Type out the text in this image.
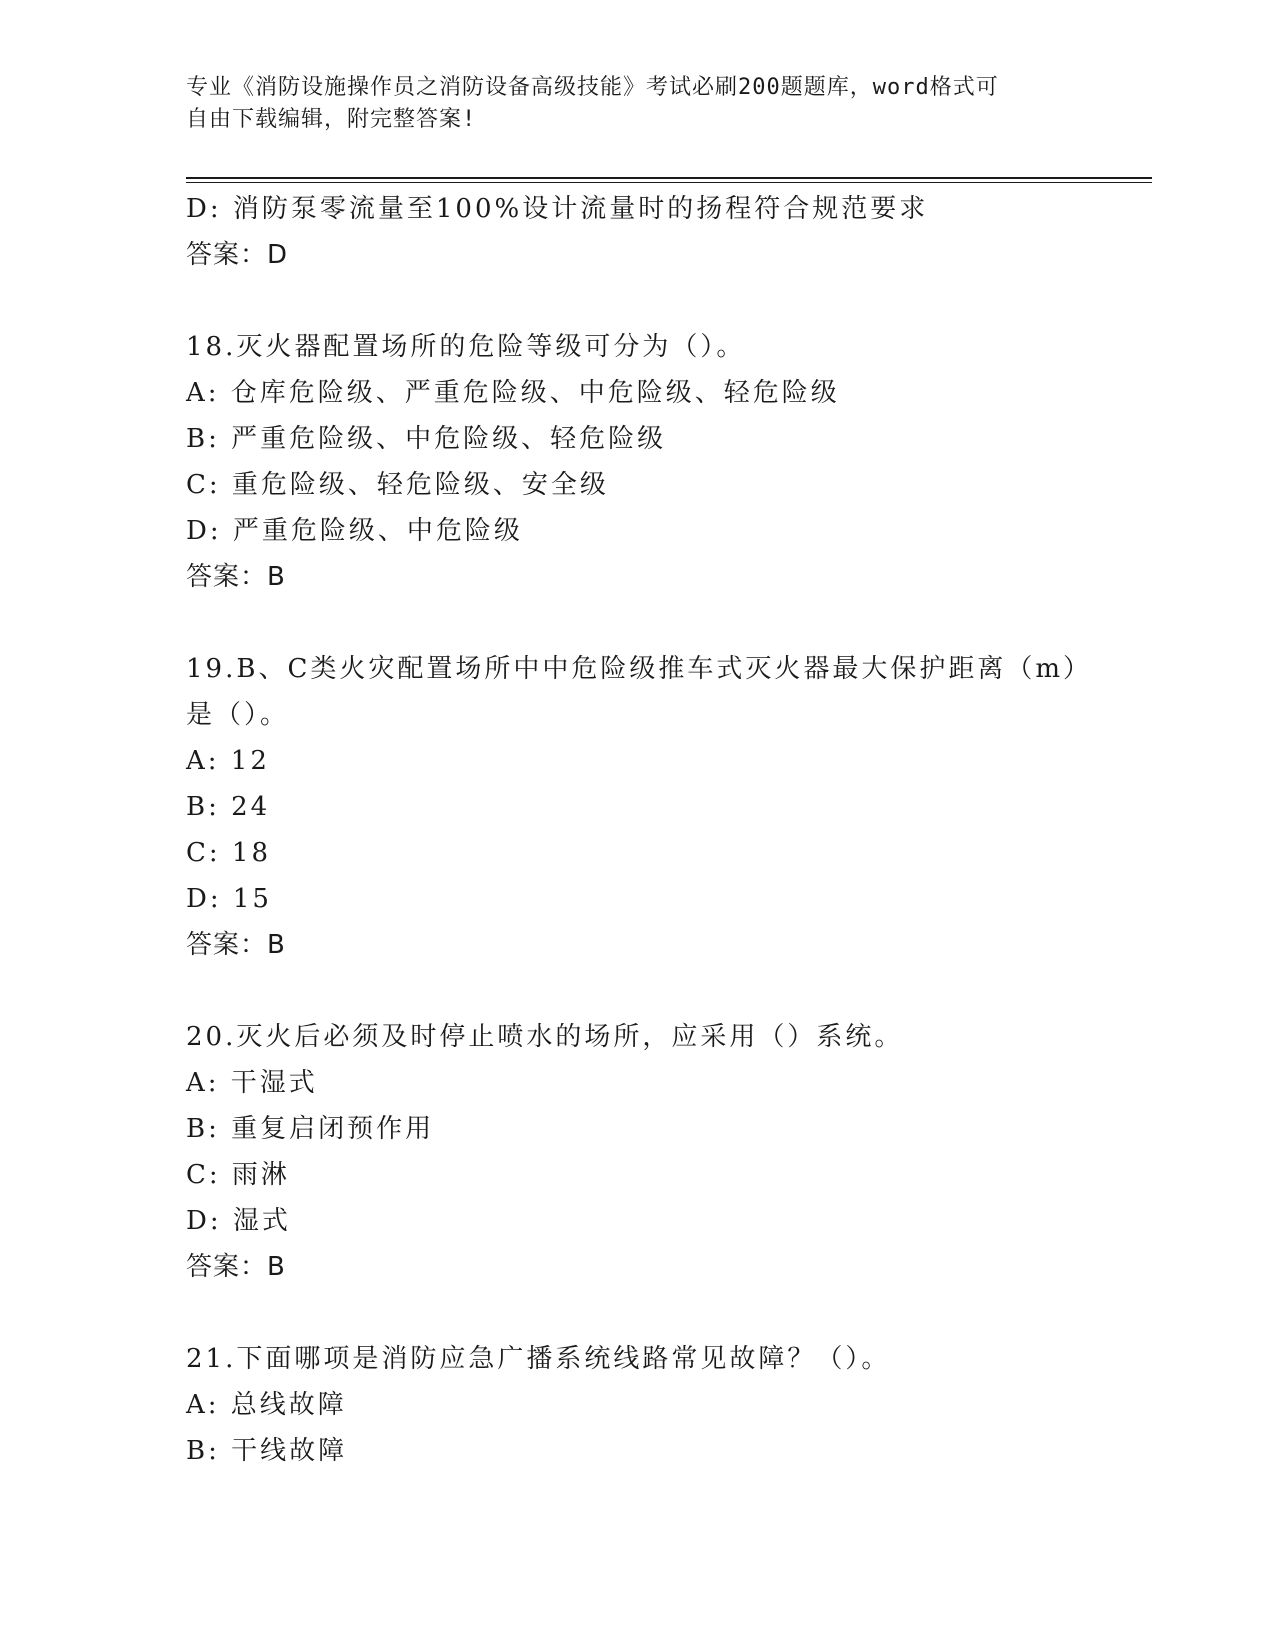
专业《消防设施操作员之消防设备高级技能》考试必刷200题题库，word格式可
自由下载编辑，附完整答案!
D: 消防泵零流量至100%设计流量时的扬程符合规范要求
答案：D
18.灭火器配置场所的危险等级可分为（）。
A: 仓库危险级、严重危险级、中危险级、轻危险级
B: 严重危险级、中危险级、轻危险级
C: 重危险级、轻危险级、安全级
D: 严重危险级、中危险级
答案：B
19.B、C类火灾配置场所中中危险级推车式灭火器最大保护距离（m）
是（）。
A: 12
B: 24
C: 18
D: 15
答案：B
20.灭火后必须及时停止喷水的场所，应采用（）系统。
A: 干湿式
B: 重复启闭预作用
C: 雨淋
D: 湿式
答案：B
21.下面哪项是消防应急广播系统线路常见故障？（）。
A: 总线故障
B: 干线故障
